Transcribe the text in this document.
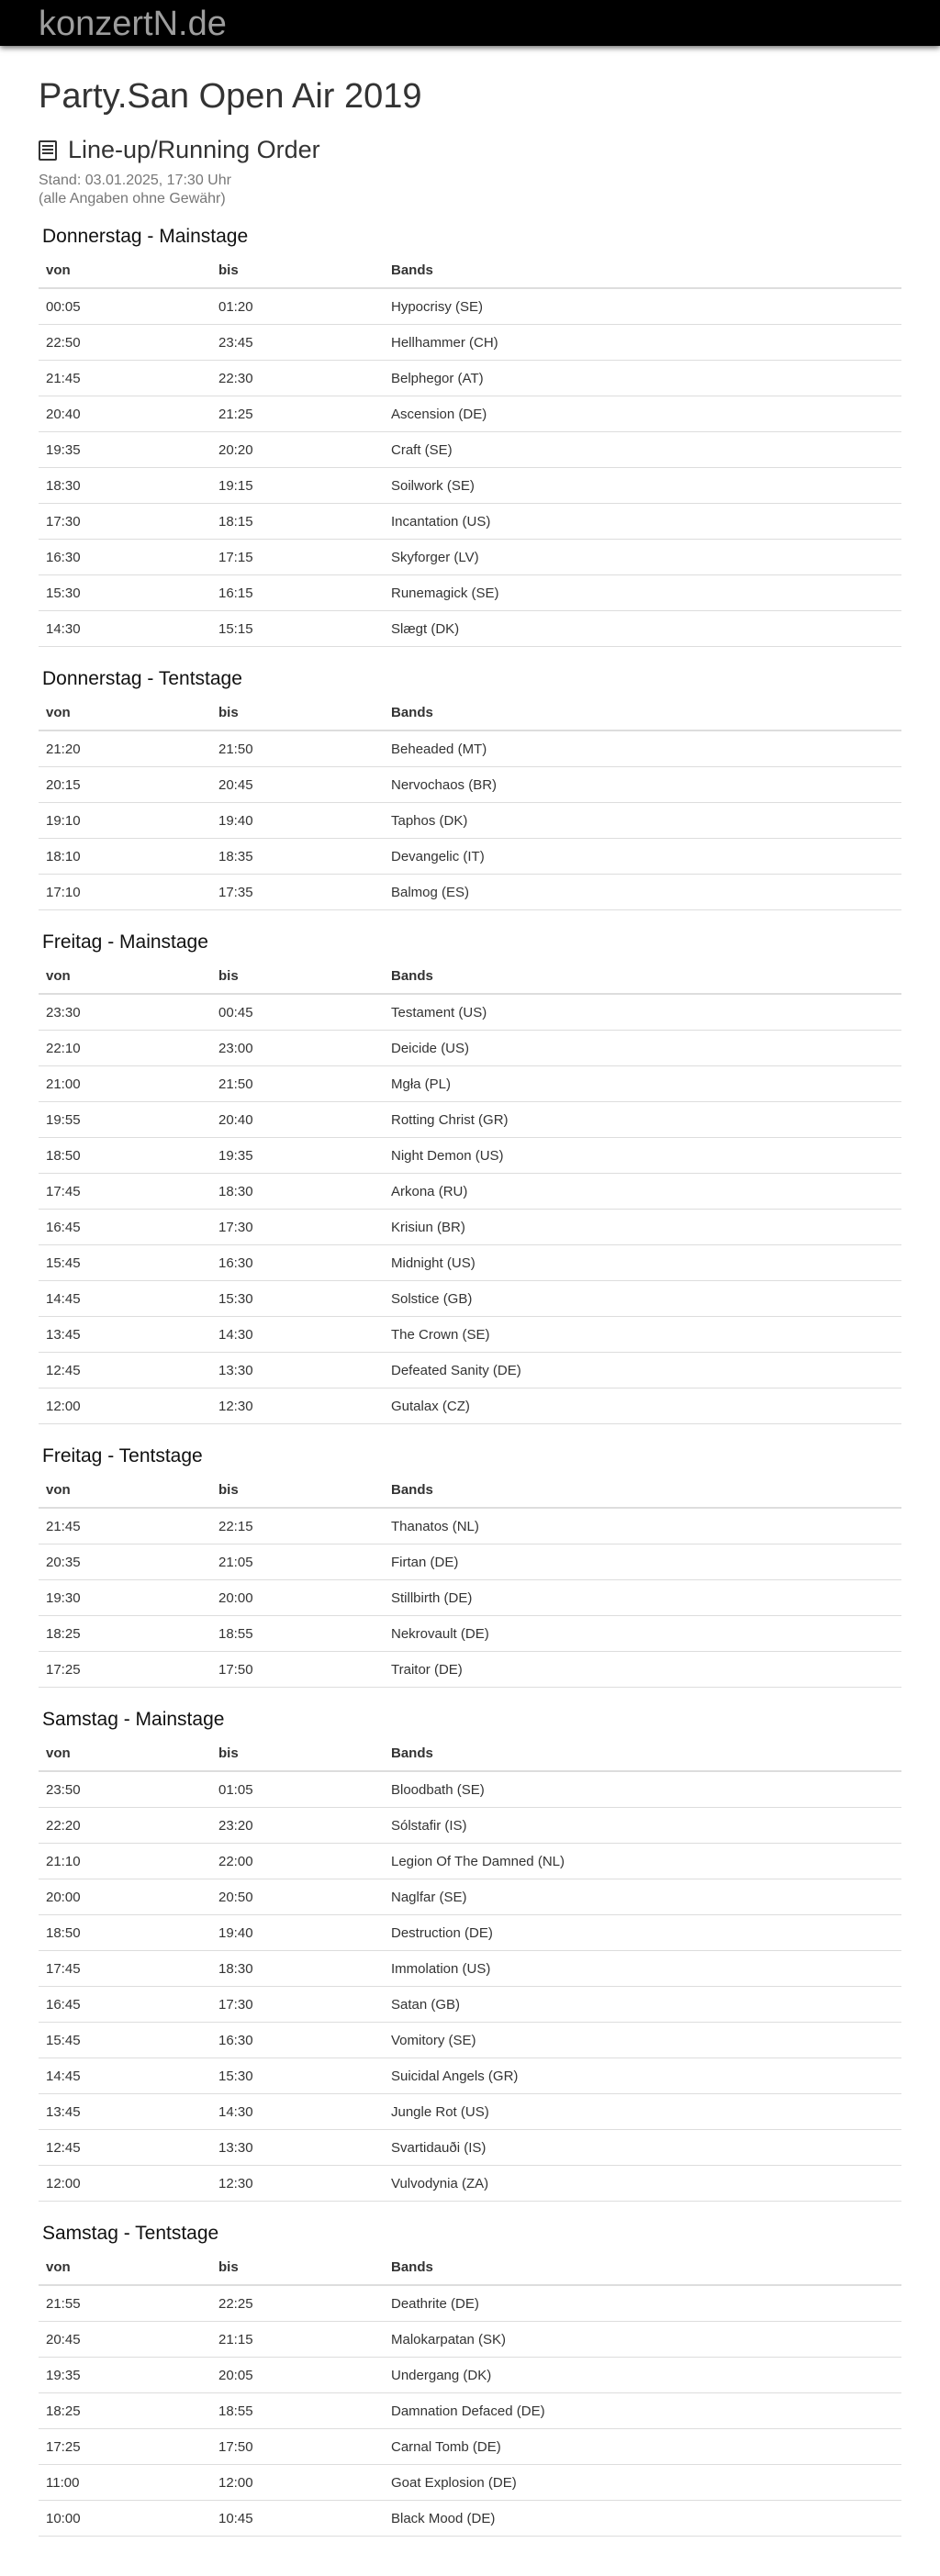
konzertN.de
Party.San Open Air 2019
Line-up/Running Order
Stand: 03.01.2025, 17:30 Uhr
(alle Angaben ohne Gewähr)
Donnerstag - Mainstage
von	bis	Bands
00:05	01:20	Hypocrisy (SE)
22:50	23:45	Hellhammer (CH)
21:45	22:30	Belphegor (AT)
20:40	21:25	Ascension (DE)
19:35	20:20	Craft (SE)
18:30	19:15	Soilwork (SE)
17:30	18:15	Incantation (US)
16:30	17:15	Skyforger (LV)
15:30	16:15	Runemagick (SE)
14:30	15:15	Slægt (DK)
Donnerstag - Tentstage
von	bis	Bands
21:20	21:50	Beheaded (MT)
20:15	20:45	Nervochaos (BR)
19:10	19:40	Taphos (DK)
18:10	18:35	Devangelic (IT)
17:10	17:35	Balmog (ES)
Freitag - Mainstage
von	bis	Bands
23:30	00:45	Testament (US)
22:10	23:00	Deicide (US)
21:00	21:50	Mgła (PL)
19:55	20:40	Rotting Christ (GR)
18:50	19:35	Night Demon (US)
17:45	18:30	Arkona (RU)
16:45	17:30	Krisiun (BR)
15:45	16:30	Midnight (US)
14:45	15:30	Solstice (GB)
13:45	14:30	The Crown (SE)
12:45	13:30	Defeated Sanity (DE)
12:00	12:30	Gutalax (CZ)
Freitag - Tentstage
von	bis	Bands
21:45	22:15	Thanatos (NL)
20:35	21:05	Firtan (DE)
19:30	20:00	Stillbirth (DE)
18:25	18:55	Nekrovault (DE)
17:25	17:50	Traitor (DE)
Samstag - Mainstage
von	bis	Bands
23:50	01:05	Bloodbath (SE)
22:20	23:20	Sólstafir (IS)
21:10	22:00	Legion Of The Damned (NL)
20:00	20:50	Naglfar (SE)
18:50	19:40	Destruction (DE)
17:45	18:30	Immolation (US)
16:45	17:30	Satan (GB)
15:45	16:30	Vomitory (SE)
14:45	15:30	Suicidal Angels (GR)
13:45	14:30	Jungle Rot (US)
12:45	13:30	Svartidauði (IS)
12:00	12:30	Vulvodynia (ZA)
Samstag - Tentstage
von	bis	Bands
21:55	22:25	Deathrite (DE)
20:45	21:15	Malokarpatan (SK)
19:35	20:05	Undergang (DK)
18:25	18:55	Damnation Defaced (DE)
17:25	17:50	Carnal Tomb (DE)
11:00	12:00	Goat Explosion (DE)
10:00	10:45	Black Mood (DE)
